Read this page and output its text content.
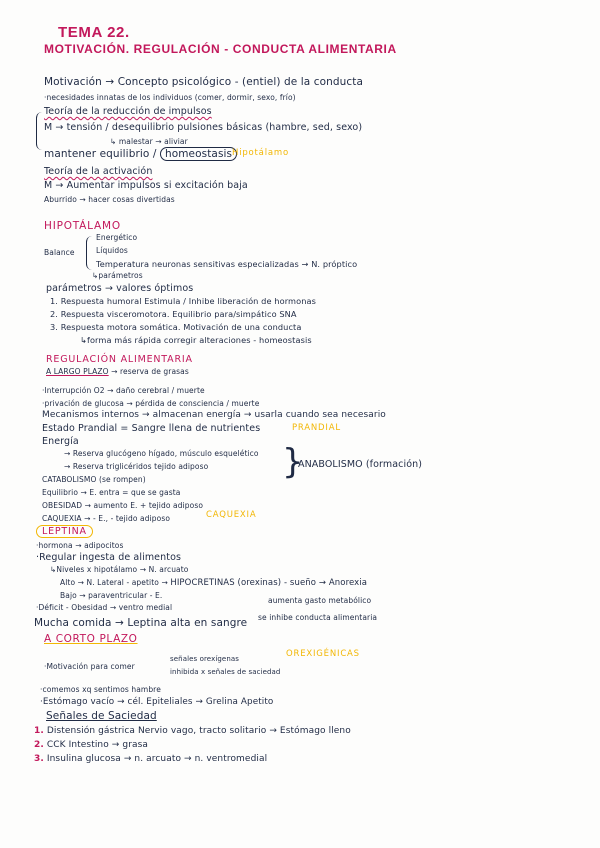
TEMA 22.
MOTIVACIÓN. REGULACIÓN - CONDUCTA ALIMENTARIA
Motivación → Concepto psicológico - (entiel) de la conducta
·necesidades innatas de los individuos (comer, dormir, sexo, frío)
Teoría de la reducción de impulsos
M → tensión / desequilibrio pulsiones básicas (hambre, sed, sexo)
↳ malestar → aliviar
mantener equilibrio / homeostasis Hipotálamo
Teoría de la activación
M → Aumentar impulsos si excitación baja
Aburrido → hacer cosas divertidas
HIPOTÁLAMO
Balance
Energético
Líquidos
Temperatura neuronas sensitivas especializadas → N. próptico
↳parámetros
parámetros → valores óptimos
1. Respuesta humoral Estimula / Inhibe liberación de hormonas
2. Respuesta visceromotora. Equilibrio para/simpático SNA
3. Respuesta motora somática. Motivación de una conducta
↳forma más rápida corregir alteraciones - homeostasis
REGULACIÓN ALIMENTARIA
A LARGO PLAZO → reserva de grasas
·Interrupción O2 → daño cerebral / muerte
·privación de glucosa → pérdida de consciencia / muerte
Mecanismos internos → almacenan energía → usarla cuando sea necesario
Estado Prandial = Sangre llena de nutrientes	PRANDIAL
Energía
→ Reserva glucógeno hígado, músculo esquelético
→ Reserva triglicéridos tejido adiposo }
ANABOLISMO (formación)
CATABOLISMO (se rompen)
Equilibrio → E. entra = que se gasta
OBESIDAD → aumento E. + tejido adiposo
CAQUEXIA → - E., - tejido adiposo	CAQUEXIA
LEPTINA
·hormona → adipocitos
·Regular ingesta de alimentos
↳Niveles x hipotálamo → N. arcuato
Alto → N. Lateral - apetito → HIPOCRETINAS (orexinas) - sueño → Anorexia
Bajo → paraventricular - E.
·Déficit - Obesidad → ventro medial
Mucha comida → Leptina alta en sangre
aumenta gasto metabólico
se inhibe conducta alimentaria
A CORTO PLAZO
·Motivación para comer
señales orexígenas
inhibida x señales de saciedad
OREXIGÉNICAS
·comemos xq sentimos hambre
·Estómago vacío → cél. Epiteliales → Grelina Apetito
Señales de Saciedad
1. Distensión gástrica Nervio vago, tracto solitario → Estómago lleno
2. CCK Intestino → grasa
3. Insulina glucosa → n. arcuato → n. ventromedial
